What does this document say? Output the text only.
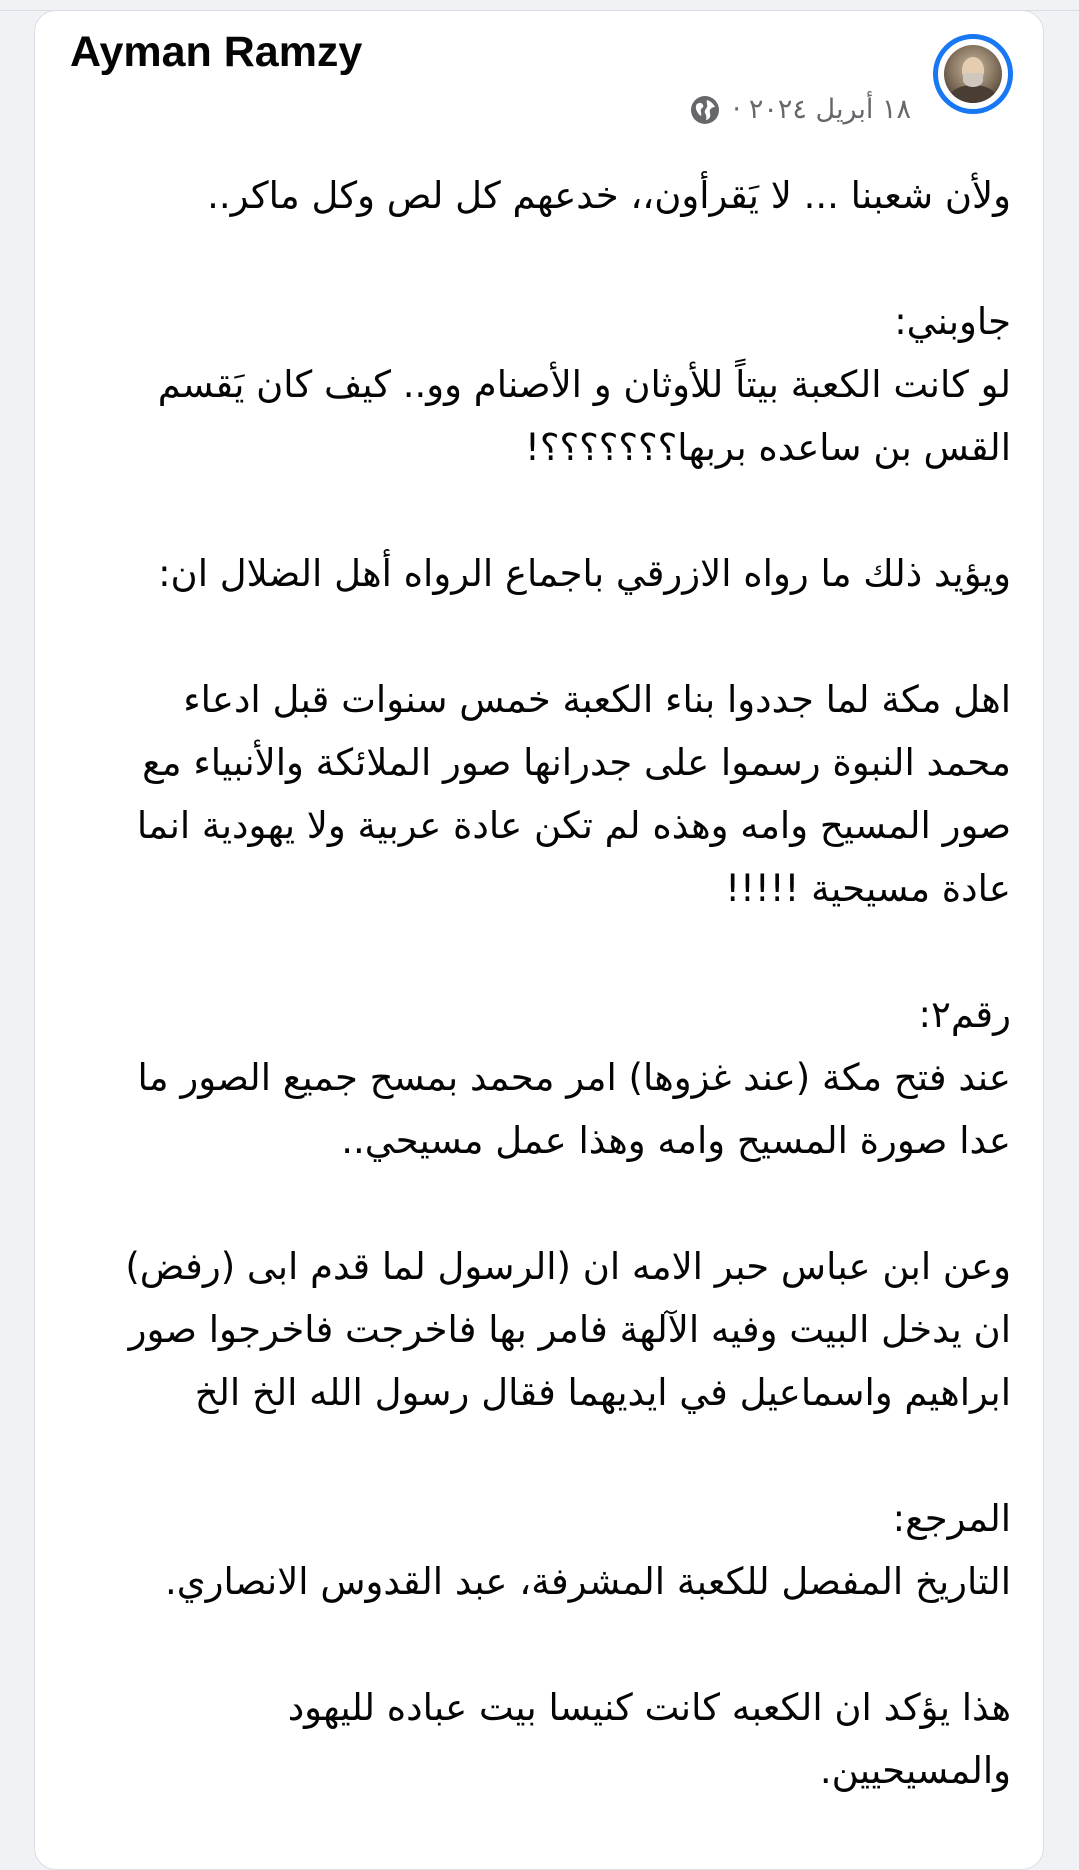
Ayman Ramzy
١٨ أبريل ٢٠٢٤
·
ولأن شعبنا ... لا يَقرأون،، خدعهم كل لص وكل ماكر..
جاوبني:
لو كانت الكعبة بيتاً للأوثان و الأصنام وو.. كيف كان يَقسم
القس بن ساعده بربها؟؟؟؟؟؟؟!
ويؤيد ذلك ما رواه الازرقي باجماع الرواه أهل الضلال ان:
اهل مكة لما جددوا بناء الكعبة خمس سنوات قبل ادعاء
محمد النبوة رسموا على جدرانها صور الملائكة والأنبياء مع
صور المسيح وامه وهذه لم تكن عادة عربية ولا يهودية انما
عادة مسيحية !!!!!
رقم٢:
عند فتح مكة (عند غزوها) امر محمد بمسح جميع الصور ما
عدا صورة المسيح وامه وهذا عمل مسيحي..
وعن ابن عباس حبر الامه ان (الرسول لما قدم ابى (رفض)
ان يدخل البيت وفيه الآلهة فامر بها فاخرجت فاخرجوا صور
ابراهيم واسماعيل في ايديهما فقال رسول الله الخ الخ
المرجع:
التاريخ المفصل للكعبة المشرفة، عبد القدوس الانصاري.
هذا يؤكد ان الكعبه كانت كنيسا بيت عباده لليهود
والمسيحيين.
